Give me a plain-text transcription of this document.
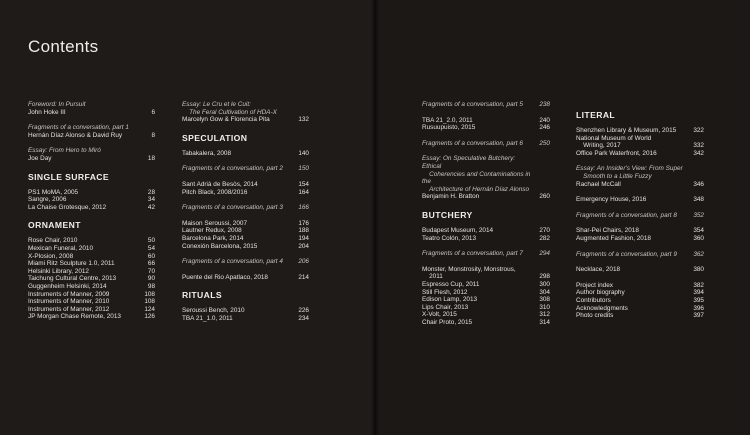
Contents
Foreword: In Pursuit
John Hoke III	6
Fragments of a conversation, part 1
Hernán Díaz Alonso & David Ruy	8
Essay: From Hero to Miró
Joe Day	18
SINGLE SURFACE
PS1 MoMA, 2005	28
Sangre, 2006	34
La Chaise Grotesque, 2012	42
ORNAMENT
Rose Chair, 2010	50
Mexican Funeral, 2010	54
X-Plosion, 2008	60
Miami Ritz Sculpture 1.0, 2011	66
Helsinki Library, 2012	70
Taichung Cultural Centre, 2013	90
Guggenheim Helsinki, 2014	98
Instruments of Manner, 2009	108
Instruments of Manner, 2010	108
Instruments of Manner, 2012	124
JP Morgan Chase Remote, 2013	126
Essay: Le Cru et le Cuit:
The Feral Cultivation of HDA-X
Marcelyn Gow & Florencia Pita	132
SPECULATION
Tabakalera, 2008	140
Fragments of a conversation, part 2	150
Sant Adrià de Besòs, 2014	154
Pitch Black, 2008/2016	164
Fragments of a conversation, part 3	166
Maison Seroussi, 2007	176
Lautner Redux, 2008	188
Barcelona Park, 2014	194
Conexión Barcelona, 2015	204
Fragments of a conversation, part 4	206
Puente del Rio Apatlaco, 2018	214
RITUALS
Seroussi Bench, 2010	226
TBA 21_1.0, 2011	234
Fragments of a conversation, part 5	238
TBA 21_2.0, 2011	240
Rusuupuisto, 2015	246
Fragments of a conversation, part 6	250
Essay: On Speculative Butchery: Ethical
Coherencies and Contaminations in the
Architecture of Hernán Díaz Alonso
Benjamin H. Bratton	260
BUTCHERY
Budapest Museum, 2014	270
Teatro Colón, 2013	282
Fragments of a conversation, part 7	294
Monster, Monstrosity, Monstrous,
2011	298
Espresso Cup, 2011	300
Still Flesh, 2012	304
Edison Lamp, 2013	308
Lips Chair, 2013	310
X-Volt, 2015	312
Chair Proto, 2015	314
LITERAL
Shenzhen Library & Museum, 2015	322
National Museum of World
Writing, 2017	332
Office Park Waterfront, 2016	342
Essay: An Insider's View: From Super
Smooth to a Little Fuzzy
Rachael McCall	346
Emergency House, 2016	348
Fragments of a conversation, part 8	352
Shar-Pei Chairs, 2018	354
Augmented Fashion, 2018	360
Fragments of a conversation, part 9	362
Necklace, 2018	380
Project index	382
Author biography	394
Contributors	395
Acknowledgments	396
Photo credits	397
